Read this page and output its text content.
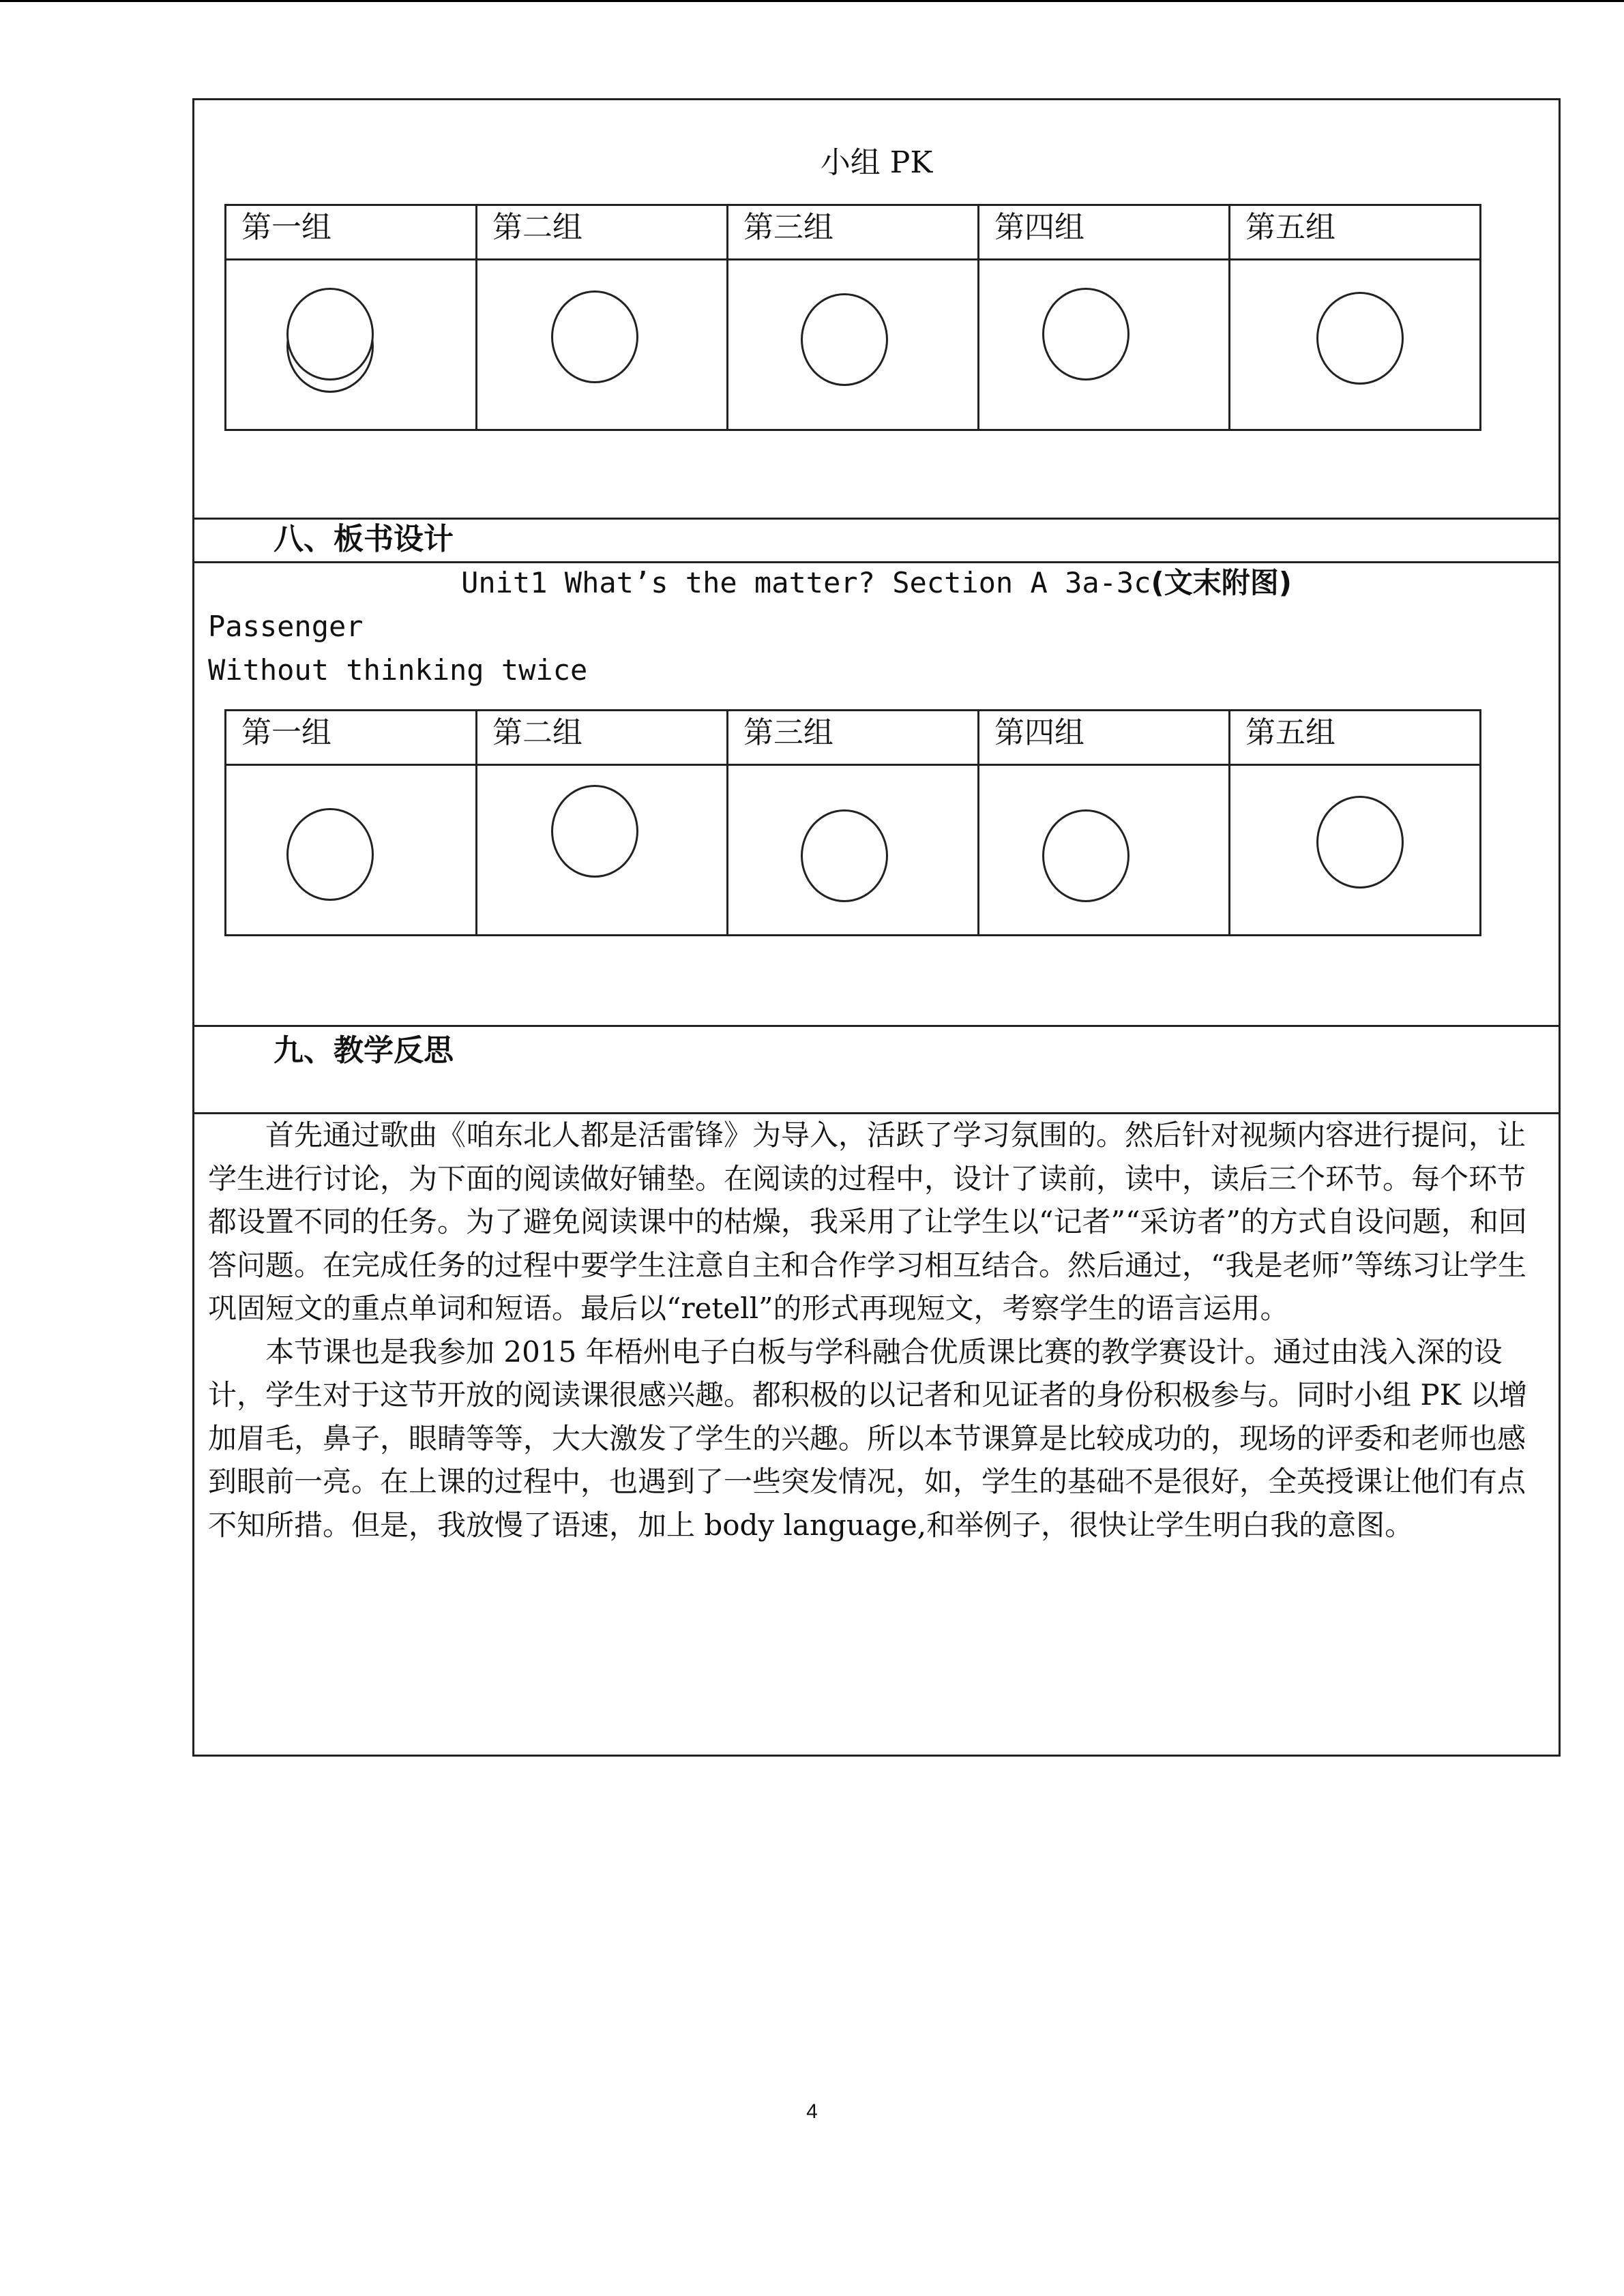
小组 PK
第一组	第二组	第三组	第四组	第五组

八、板书设计
Unit1 What’s the matter? Section A 3a-3c(文末附图)
Passenger
Without thinking twice
第一组	第二组	第三组	第四组	第五组

九、教学反思

首先通过歌曲《咱东北人都是活雷锋》为导入，活跃了学习氛围的。然后针对视频内容进行提问，让学生进行讨论，为下面的阅读做好铺垫。在阅读的过程中，设计了读前，读中，读后三个环节。每个环节都设置不同的任务。为了避免阅读课中的枯燥，我采用了让学生以“记者”“采访者”的方式自设问题，和回答问题。在完成任务的过程中要学生注意自主和合作学习相互结合。然后通过，“我是老师”等练习让学生巩固短文的重点单词和短语。最后以“retell”的形式再现短文，考察学生的语言运用。

本节课也是我参加 2015 年梧州电子白板与学科融合优质课比赛的教学赛设计。通过由浅入深的设计，学生对于这节开放的阅读课很感兴趣。都积极的以记者和见证者的身份积极参与。同时小组 PK 以增加眉毛，鼻子，眼睛等等，大大激发了学生的兴趣。所以本节课算是比较成功的，现场的评委和老师也感到眼前一亮。在上课的过程中，也遇到了一些突发情况，如，学生的基础不是很好，全英授课让他们有点不知所措。但是，我放慢了语速，加上 body language,和举例子，很快让学生明白我的意图。

4
